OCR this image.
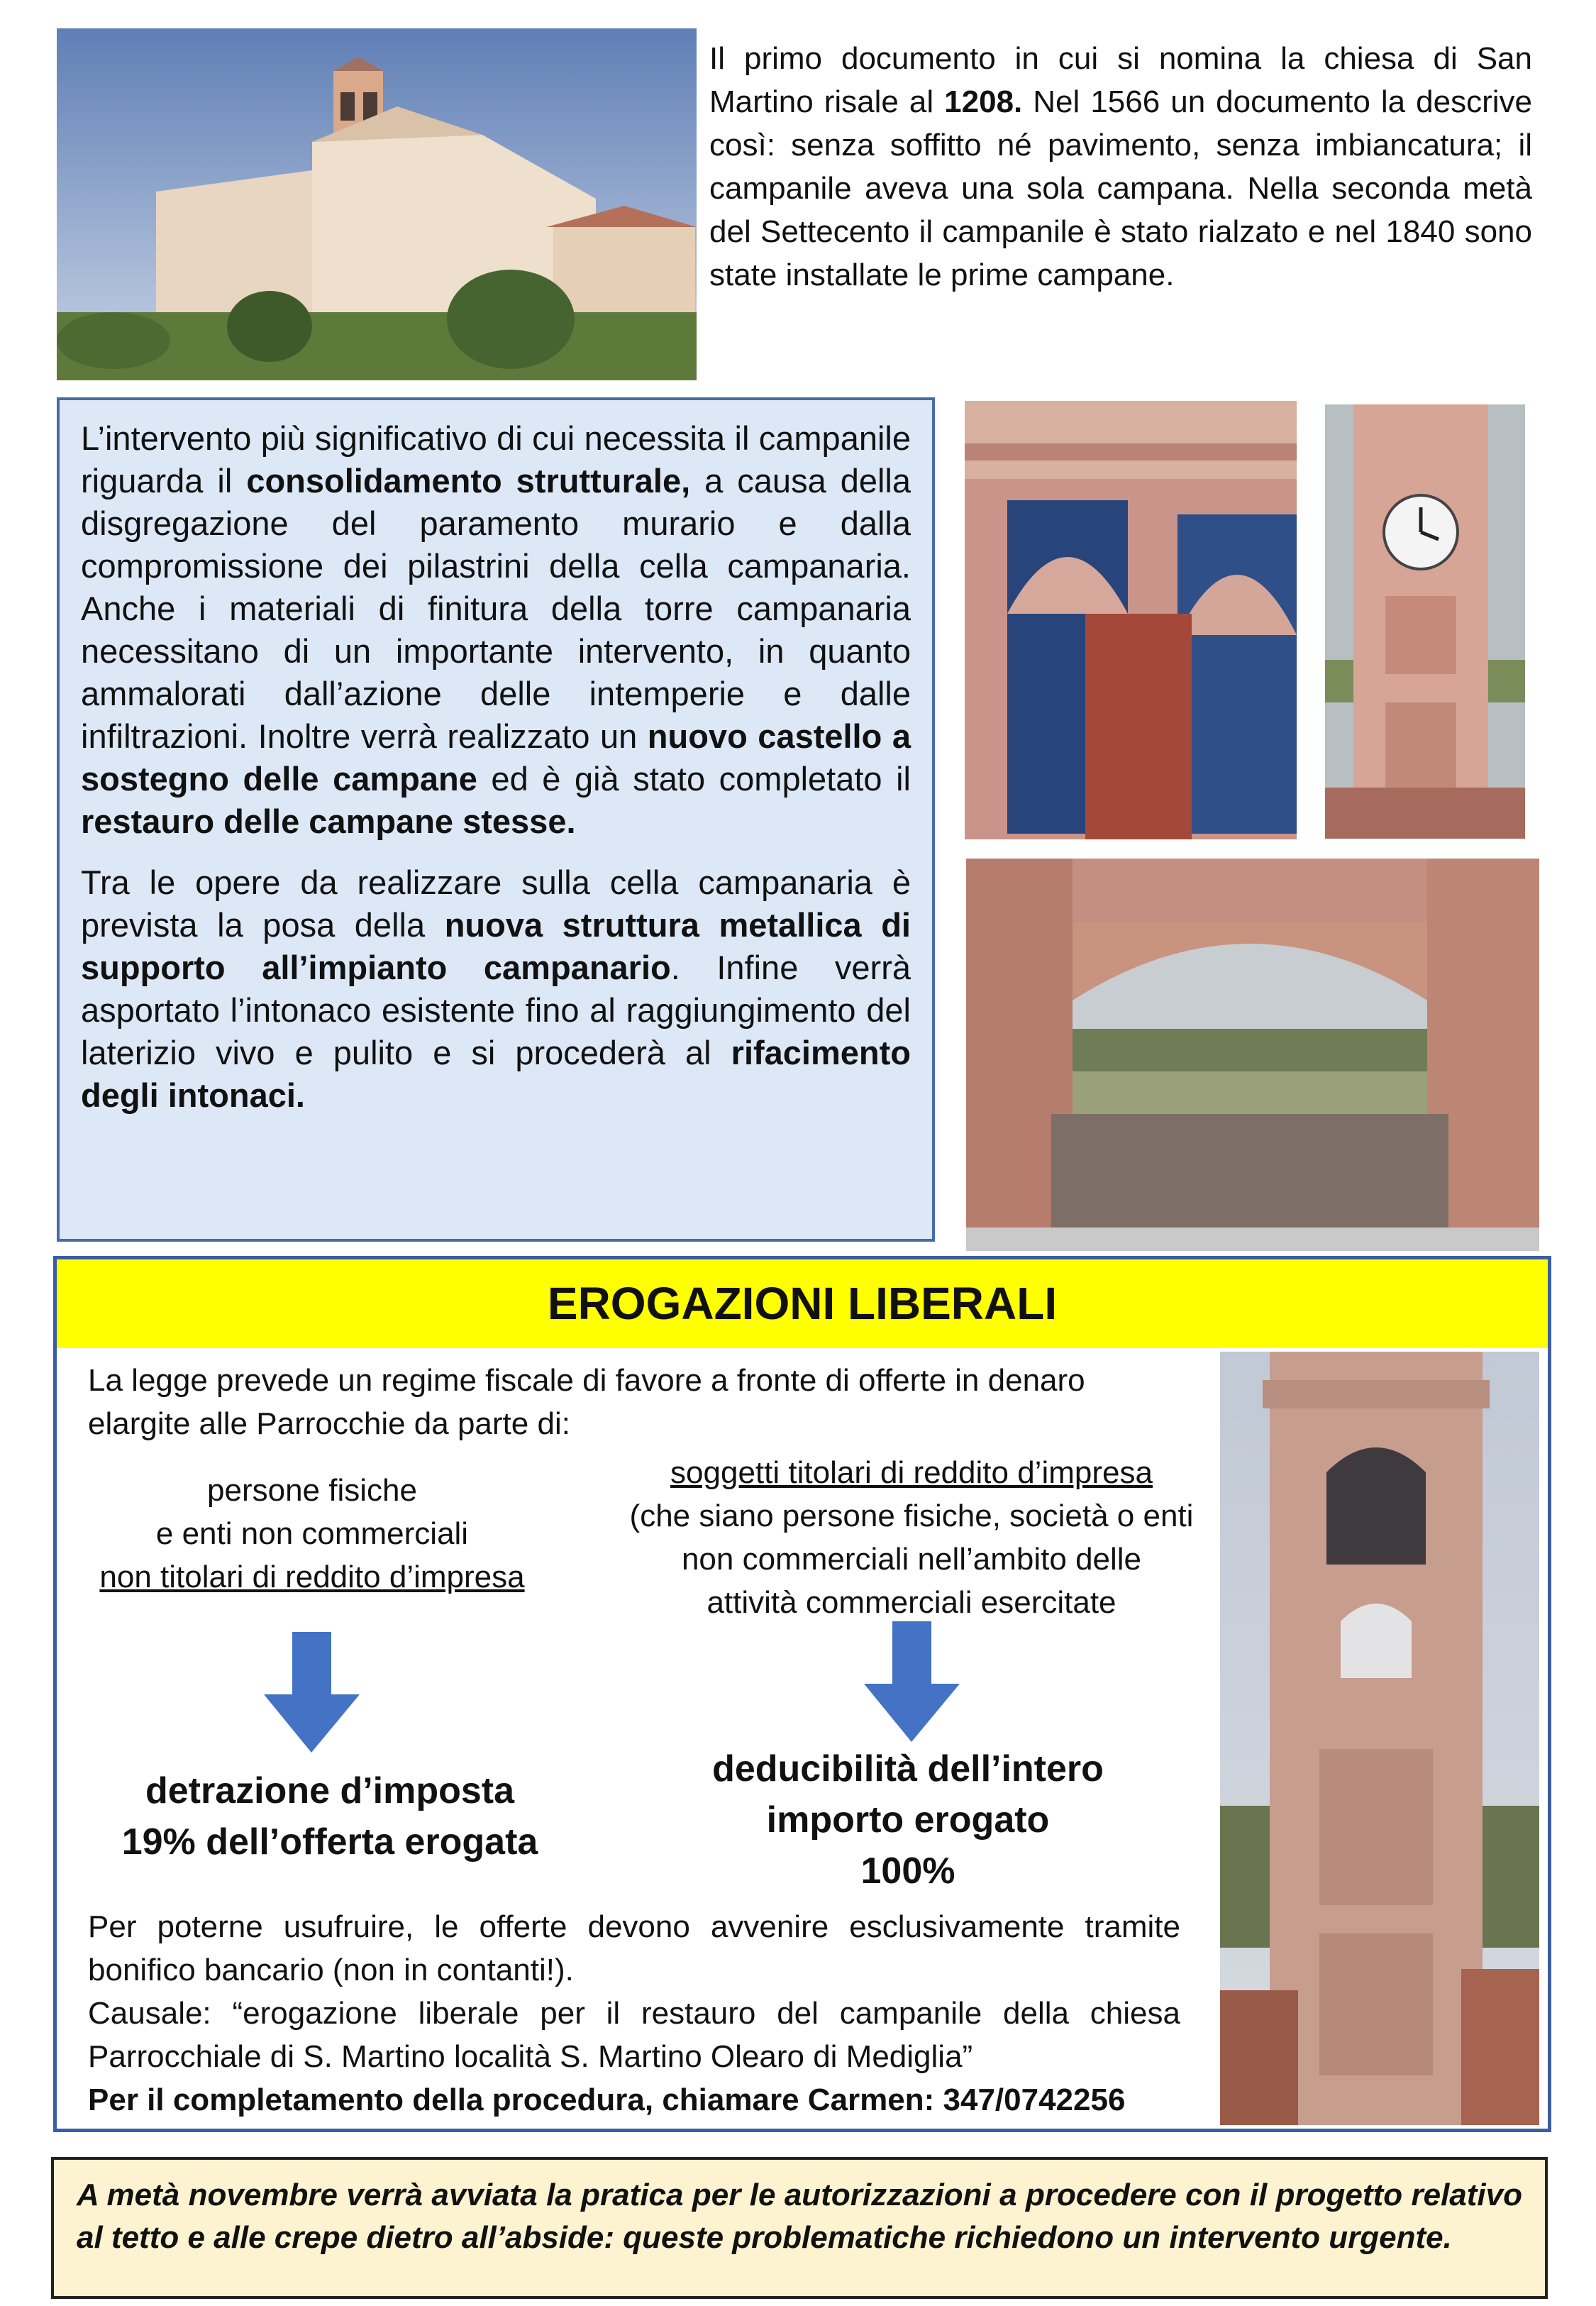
Il primo documento in cui si nomina la chiesa di San Martino risale al 1208. Nel 1566 un documento la descrive così: senza soffitto né pavimento, senza imbiancatura; il campanile aveva una sola campana. Nella seconda metà del Settecento il campanile è stato rialzato e nel 1840 sono state installate le prime campane.

L’intervento più significativo di cui necessita il campanile riguarda il consolidamento strutturale, a causa della disgregazione del paramento murario e dalla compromissione dei pilastrini della cella campanaria. Anche i materiali di finitura della torre campanaria necessitano di un importante intervento, in quanto ammalorati dall’azione delle intemperie e dalle infiltrazioni. Inoltre verrà realizzato un nuovo castello a sostegno delle campane ed è già stato completato il restauro delle campane stesse.

Tra le opere da realizzare sulla cella campanaria è prevista la posa della nuova struttura metallica di supporto all’impianto campanario. Infine verrà asportato l’intonaco esistente fino al raggiungimento del laterizio vivo e pulito e si procederà al rifacimento degli intonaci.

EROGAZIONI LIBERALI
La legge prevede un regime fiscale di favore a fronte di offerte in denaro elargite alle Parrocchie da parte di:
persone fisiche
e enti non commerciali
non titolari di reddito d’impresa
soggetti titolari di reddito d’impresa
(che siano persone fisiche, società o enti
non commerciali nell’ambito delle
attività commerciali esercitate
detrazione d’imposta
19% dell’offerta erogata
deducibilità dell’intero
importo erogato
100%
Per poterne usufruire, le offerte devono avvenire esclusivamente tramite bonifico bancario (non in contanti!).
Causale: “erogazione liberale per il restauro del campanile della chiesa Parrocchiale di S. Martino località S. Martino Olearo di Mediglia”
Per il completamento della procedura, chiamare Carmen: 347/0742256
A metà novembre verrà avviata la pratica per le autorizzazioni a procedere con il progetto relativo al tetto e alle crepe dietro all’abside: queste problematiche richiedono un intervento urgente.
